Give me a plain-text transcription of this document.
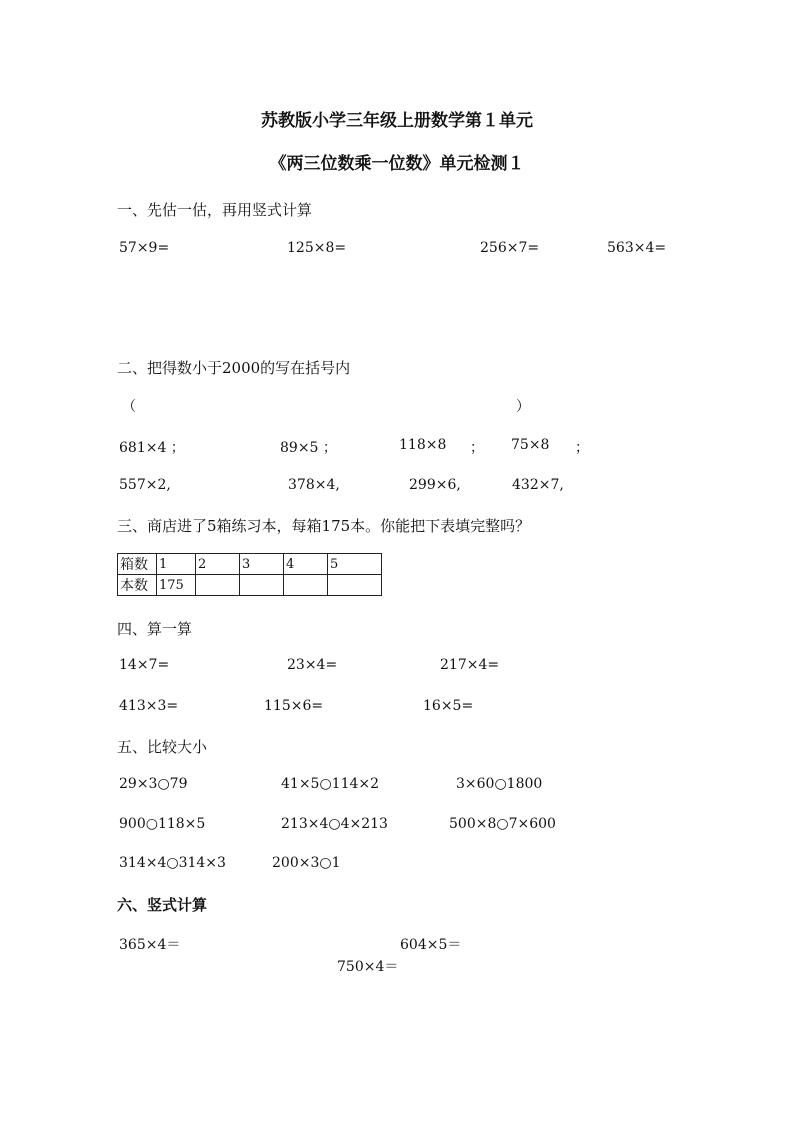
苏教版小学三年级上册数学第１单元
《两三位数乘一位数》单元检测１
一、先估一估，再用竖式计算
57×9=	125×8=	256×7=	563×4=
二、把得数小于2000的写在括号内
（	）
681×4 ；	89×5 ；	118×8 ； 75×8 ；
557×2,	378×4,	299×6,	432×7,
三、商店进了5箱练习本，每箱175本。你能把下表填完整吗？
箱数	1	2	3	4	5
本数	175				
四、算一算
14×7=	23×4=	217×4=
413×3=	115×6=	16×5=
五、比较大小
29×3○79	41×5○114×2	3×60○1800
900○118×5	213×4○4×213	500×8○7×600
314×4○314×3	200×3○1
六、竖式计算
365×4＝	604×5＝
750×4＝
